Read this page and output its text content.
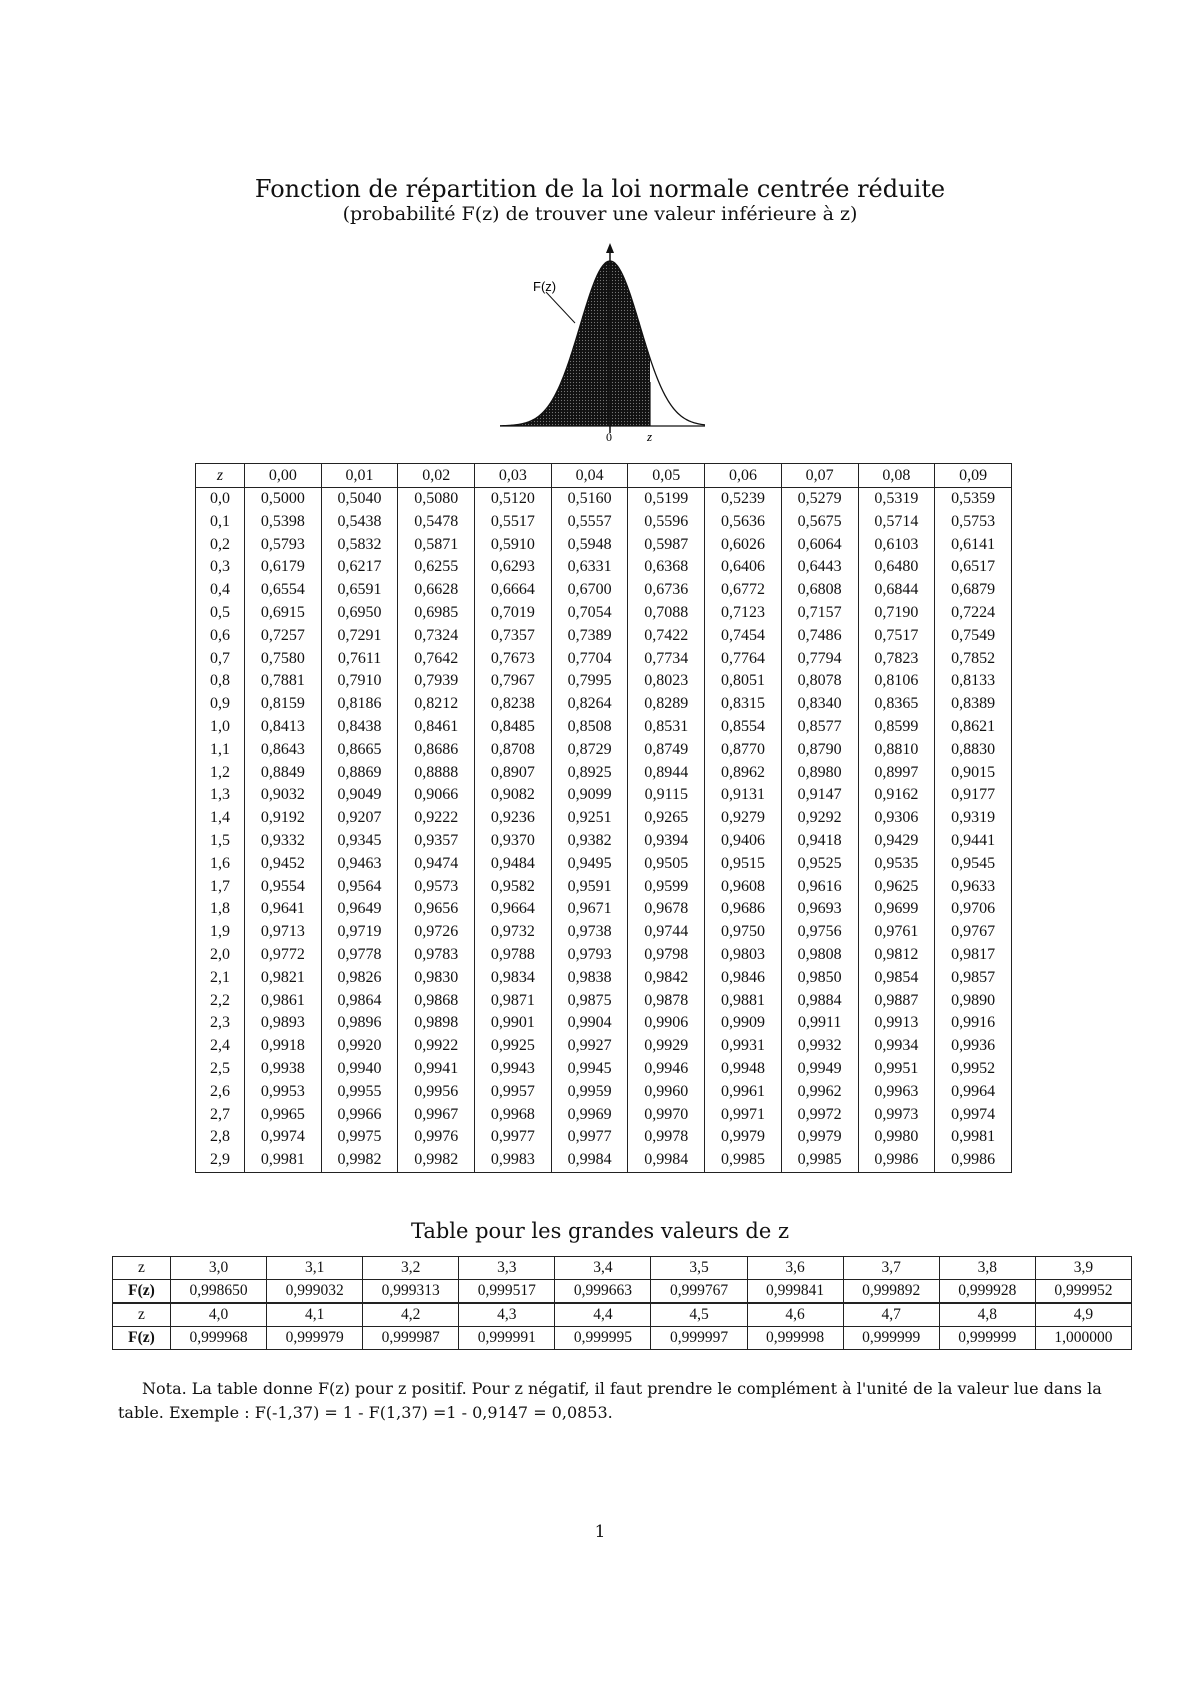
Fonction de répartition de la loi normale centrée réduite
(probabilité F(z) de trouver une valeur inférieure à z)
F(z)
0	z
z	0,00	0,01	0,02	0,03	0,04	0,05	0,06	0,07	0,08	0,09
0,0	0,5000	0,5040	0,5080	0,5120	0,5160	0,5199	0,5239	0,5279	0,5319	0,5359
0,1	0,5398	0,5438	0,5478	0,5517	0,5557	0,5596	0,5636	0,5675	0,5714	0,5753
0,2	0,5793	0,5832	0,5871	0,5910	0,5948	0,5987	0,6026	0,6064	0,6103	0,6141
0,3	0,6179	0,6217	0,6255	0,6293	0,6331	0,6368	0,6406	0,6443	0,6480	0,6517
0,4	0,6554	0,6591	0,6628	0,6664	0,6700	0,6736	0,6772	0,6808	0,6844	0,6879
0,5	0,6915	0,6950	0,6985	0,7019	0,7054	0,7088	0,7123	0,7157	0,7190	0,7224
0,6	0,7257	0,7291	0,7324	0,7357	0,7389	0,7422	0,7454	0,7486	0,7517	0,7549
0,7	0,7580	0,7611	0,7642	0,7673	0,7704	0,7734	0,7764	0,7794	0,7823	0,7852
0,8	0,7881	0,7910	0,7939	0,7967	0,7995	0,8023	0,8051	0,8078	0,8106	0,8133
0,9	0,8159	0,8186	0,8212	0,8238	0,8264	0,8289	0,8315	0,8340	0,8365	0,8389
1,0	0,8413	0,8438	0,8461	0,8485	0,8508	0,8531	0,8554	0,8577	0,8599	0,8621
1,1	0,8643	0,8665	0,8686	0,8708	0,8729	0,8749	0,8770	0,8790	0,8810	0,8830
1,2	0,8849	0,8869	0,8888	0,8907	0,8925	0,8944	0,8962	0,8980	0,8997	0,9015
1,3	0,9032	0,9049	0,9066	0,9082	0,9099	0,9115	0,9131	0,9147	0,9162	0,9177
1,4	0,9192	0,9207	0,9222	0,9236	0,9251	0,9265	0,9279	0,9292	0,9306	0,9319
1,5	0,9332	0,9345	0,9357	0,9370	0,9382	0,9394	0,9406	0,9418	0,9429	0,9441
1,6	0,9452	0,9463	0,9474	0,9484	0,9495	0,9505	0,9515	0,9525	0,9535	0,9545
1,7	0,9554	0,9564	0,9573	0,9582	0,9591	0,9599	0,9608	0,9616	0,9625	0,9633
1,8	0,9641	0,9649	0,9656	0,9664	0,9671	0,9678	0,9686	0,9693	0,9699	0,9706
1,9	0,9713	0,9719	0,9726	0,9732	0,9738	0,9744	0,9750	0,9756	0,9761	0,9767
2,0	0,9772	0,9778	0,9783	0,9788	0,9793	0,9798	0,9803	0,9808	0,9812	0,9817
2,1	0,9821	0,9826	0,9830	0,9834	0,9838	0,9842	0,9846	0,9850	0,9854	0,9857
2,2	0,9861	0,9864	0,9868	0,9871	0,9875	0,9878	0,9881	0,9884	0,9887	0,9890
2,3	0,9893	0,9896	0,9898	0,9901	0,9904	0,9906	0,9909	0,9911	0,9913	0,9916
2,4	0,9918	0,9920	0,9922	0,9925	0,9927	0,9929	0,9931	0,9932	0,9934	0,9936
2,5	0,9938	0,9940	0,9941	0,9943	0,9945	0,9946	0,9948	0,9949	0,9951	0,9952
2,6	0,9953	0,9955	0,9956	0,9957	0,9959	0,9960	0,9961	0,9962	0,9963	0,9964
2,7	0,9965	0,9966	0,9967	0,9968	0,9969	0,9970	0,9971	0,9972	0,9973	0,9974
2,8	0,9974	0,9975	0,9976	0,9977	0,9977	0,9978	0,9979	0,9979	0,9980	0,9981
2,9	0,9981	0,9982	0,9982	0,9983	0,9984	0,9984	0,9985	0,9985	0,9986	0,9986
Table pour les grandes valeurs de z
z	3,0	3,1	3,2	3,3	3,4	3,5	3,6	3,7	3,8	3,9
F(z)	0,998650	0,999032	0,999313	0,999517	0,999663	0,999767	0,999841	0,999892	0,999928	0,999952
z	4,0	4,1	4,2	4,3	4,4	4,5	4,6	4,7	4,8	4,9
F(z)	0,999968	0,999979	0,999987	0,999991	0,999995	0,999997	0,999998	0,999999	0,999999	1,000000
Nota. La table donne F(z) pour z positif. Pour z négatif, il faut prendre le complément à l'unité de la valeur lue dans la table. Exemple : F(-1,37) = 1 - F(1,37) =1 - 0,9147 = 0,0853.
1
